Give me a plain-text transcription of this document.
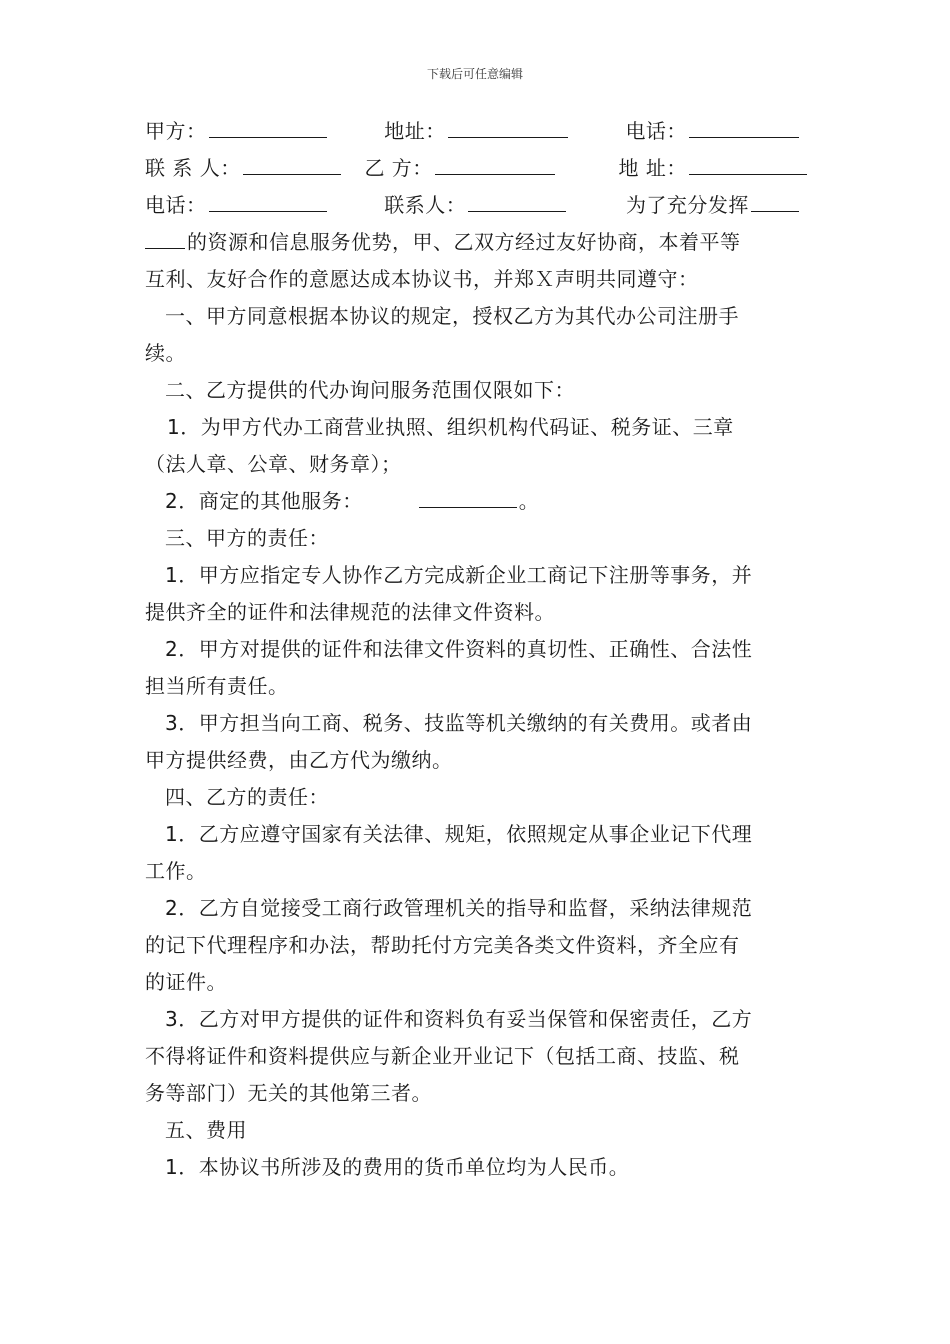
下载后可任意编辑
甲方：	地址：	电话：
联 系 人：	乙 方：	地 址：
电话：	联系人：	为了充分发挥
的资源和信息服务优势，甲、乙双方经过友好协商，本着平等
互利、友好合作的意愿达成本协议书，并郑Ｘ声明共同遵守：
一、甲方同意根据本协议的规定，授权乙方为其代办公司注册手
续。
二、乙方提供的代办询问服务范围仅限如下：
1．为甲方代办工商营业执照、组织机构代码证、税务证、三章
（法人章、公章、财务章）；
2．商定的其他服务：	。
三、甲方的责任：
1．甲方应指定专人协作乙方完成新企业工商记下注册等事务，并
提供齐全的证件和法律规范的法律文件资料。
2．甲方对提供的证件和法律文件资料的真切性、正确性、合法性
担当所有责任。
3．甲方担当向工商、税务、技监等机关缴纳的有关费用。或者由
甲方提供经费，由乙方代为缴纳。
四、乙方的责任：
1．乙方应遵守国家有关法律、规矩，依照规定从事企业记下代理
工作。
2．乙方自觉接受工商行政管理机关的指导和监督，采纳法律规范
的记下代理程序和办法，帮助托付方完美各类文件资料，齐全应有
的证件。
3．乙方对甲方提供的证件和资料负有妥当保管和保密责任，乙方
不得将证件和资料提供应与新企业开业记下（包括工商、技监、税
务等部门）无关的其他第三者。
五、费用
1．本协议书所涉及的费用的货币单位均为人民币。
